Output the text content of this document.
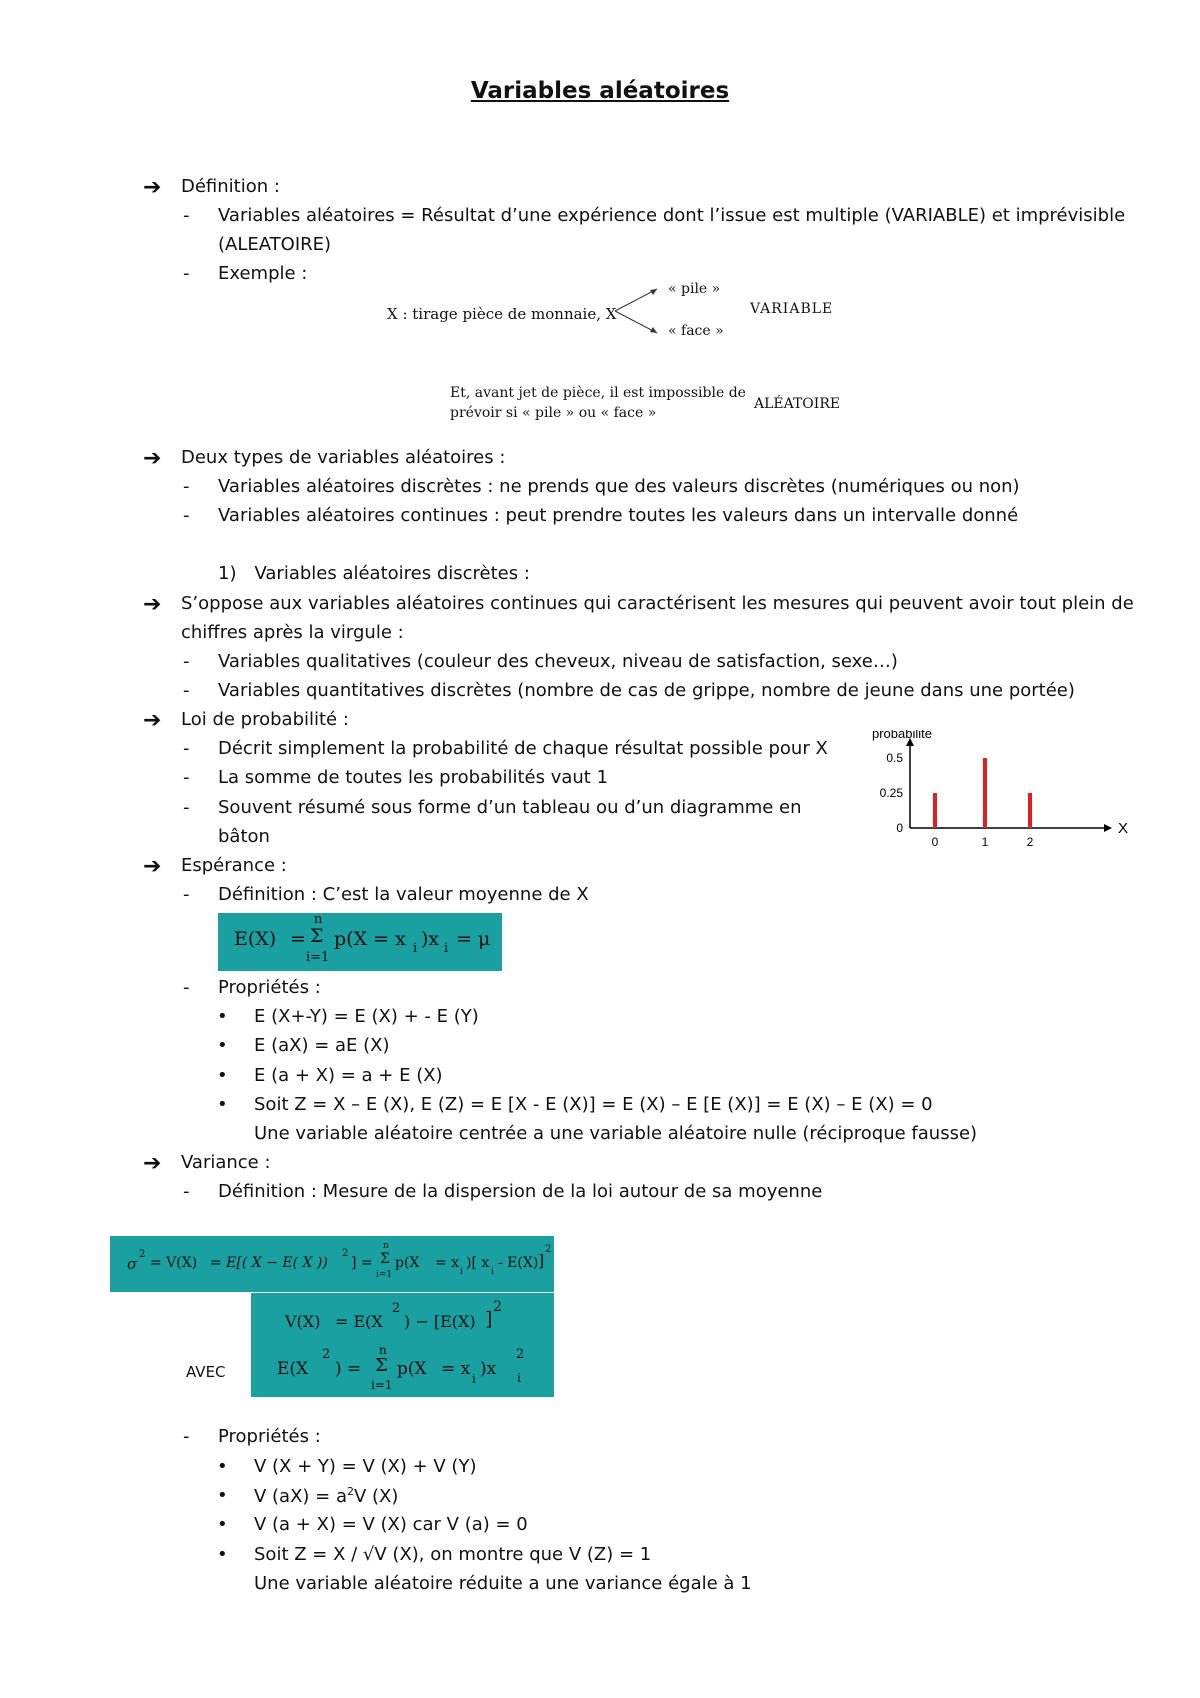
Variables aléatoires
➔ Définition :
- Variables aléatoires = Résultat d’une expérience dont l’issue est multiple (VARIABLE) et imprévisible
(ALEATOIRE)
- Exemple :
X : tirage pièce de monnaie, X
« pile »
« face »
VARIABLE
Et, avant jet de pièce, il est impossible de
prévoir si « pile » ou « face »
ALÉATOIRE
➔ Deux types de variables aléatoires :
- Variables aléatoires discrètes : ne prends que des valeurs discrètes (numériques ou non)
- Variables aléatoires continues : peut prendre toutes les valeurs dans un intervalle donné
1) Variables aléatoires discrètes :
➔ S’oppose aux variables aléatoires continues qui caractérisent les mesures qui peuvent avoir tout plein de
chiffres après la virgule :
- Variables qualitatives (couleur des cheveux, niveau de satisfaction, sexe…)
- Variables quantitatives discrètes (nombre de cas de grippe, nombre de jeune dans une portée)
➔ Loi de probabilité :
- Décrit simplement la probabilité de chaque résultat possible pour X
- La somme de toutes les probabilités vaut 1
- Souvent résumé sous forme d’un tableau ou d’un diagramme en
bâton
probabilité
X
0
0.25
0.5
0	1	2
➔ Espérance :
- Définition : C’est la valeur moyenne de X
E(X) =
n
Σ
i=1
p(X = x i )x i = μ
- Propriétés :
• E (X+-Y) = E (X) + - E (Y)
• E (aX) = aE (X)
• E (a + X) = a + E (X)
• Soit Z = X – E (X), E (Z) = E [X - E (X)] = E (X) – E [E (X)] = E (X) – E (X) = 0
Une variable aléatoire centrée a une variable aléatoire nulle (réciproque fausse)
➔ Variance :
- Définition : Mesure de la dispersion de la loi autour de sa moyenne
σ
2
= V(X) = E[( X − E( X ))
2
] =
n
Σ
i=1
p(X = x
i
)[ x
i
- E(X) ]
2
AVEC
V(X) = E(X
2
) − [E(X) ]
2
E(X
2
) =
n
Σ
i=1
p(X = x i )x
2
i
- Propriétés :
• V (X + Y) = V (X) + V (Y)
• V $(aX) = a^2V$ (X)
• V (a + X) = V (X) car V (a) = 0
• Soit Z = X / √V (X), on montre que V (Z) = 1
Une variable aléatoire réduite a une variance égale à 1
